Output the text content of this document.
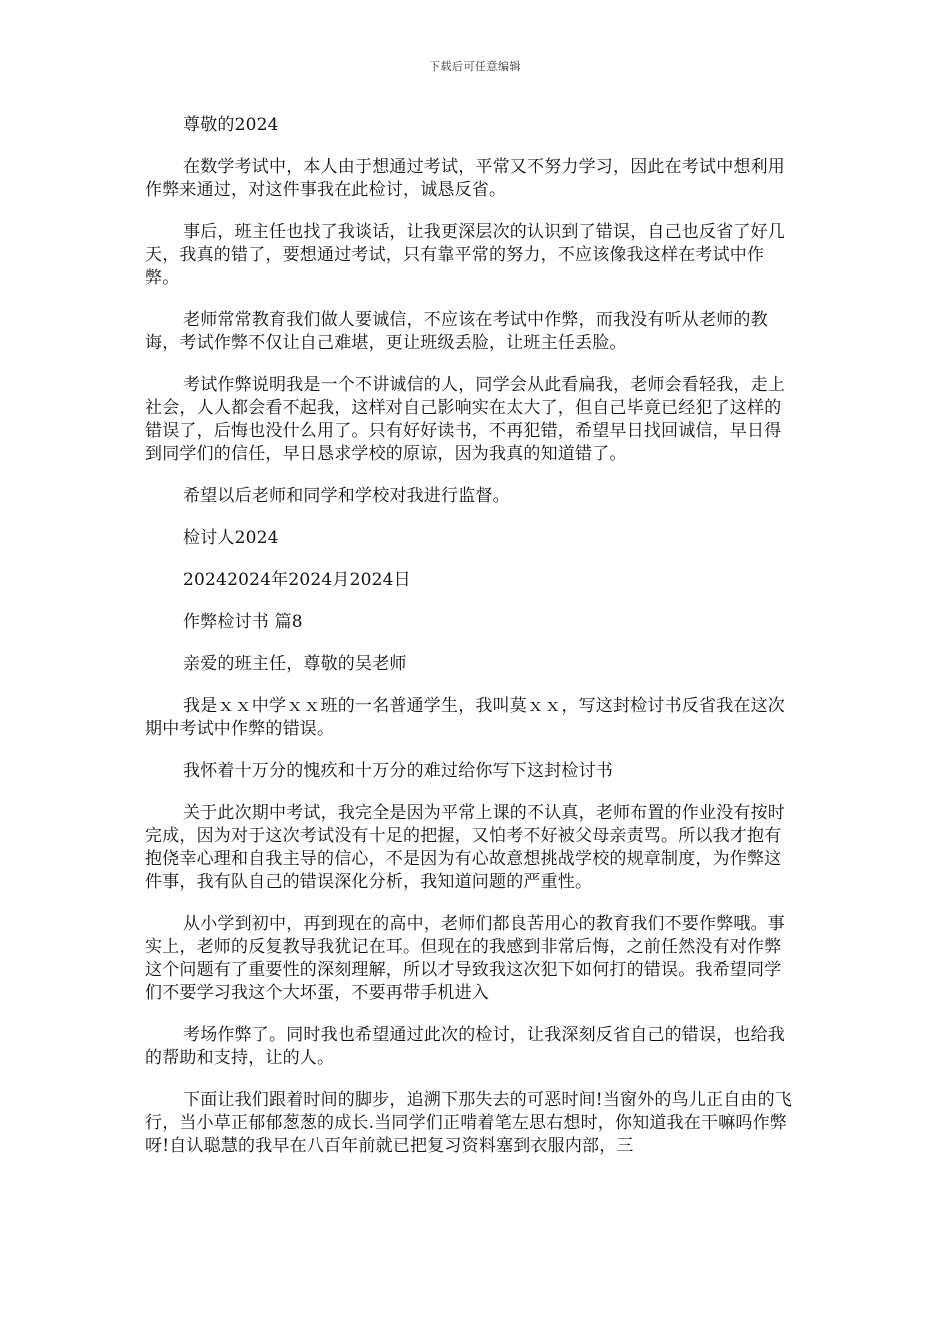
下载后可任意编辑

尊敬的2024

在数学考试中，本人由于想通过考试，平常又不努力学习，因此在考试中想利用作弊来通过，对这件事我在此检讨，诚恳反省。

事后，班主任也找了我谈话，让我更深层次的认识到了错误，自己也反省了好几天，我真的错了，要想通过考试，只有靠平常的努力，不应该像我这样在考试中作弊。

老师常常教育我们做人要诚信，不应该在考试中作弊，而我没有听从老师的教诲，考试作弊不仅让自己难堪，更让班级丢脸，让班主任丢脸。

考试作弊说明我是一个不讲诚信的人，同学会从此看扁我，老师会看轻我，走上社会，人人都会看不起我，这样对自己影响实在太大了，但自己毕竟已经犯了这样的错误了，后悔也没什么用了。只有好好读书，不再犯错，希望早日找回诚信，早日得到同学们的信任，早日恳求学校的原谅，因为我真的知道错了。

希望以后老师和同学和学校对我进行监督。

检讨人2024

20242024年2024月2024日

作弊检讨书 篇8

亲爱的班主任，尊敬的吴老师

我是ｘｘ中学ｘｘ班的一名普通学生，我叫莫ｘｘ，写这封检讨书反省我在这次期中考试中作弊的错误。

我怀着十万分的愧疚和十万分的难过给你写下这封检讨书

关于此次期中考试，我完全是因为平常上课的不认真，老师布置的作业没有按时完成，因为对于这次考试没有十足的把握，又怕考不好被父母亲责骂。所以我才抱有抱侥幸心理和自我主导的信心，不是因为有心故意想挑战学校的规章制度，为作弊这件事，我有队自己的错误深化分析，我知道问题的严重性。

从小学到初中，再到现在的高中，老师们都良苦用心的教育我们不要作弊哦。事实上，老师的反复教导我犹记在耳。但现在的我感到非常后悔，之前任然没有对作弊这个问题有了重要性的深刻理解，所以才导致我这次犯下如何打的错误。我希望同学们不要学习我这个大坏蛋，不要再带手机进入

考场作弊了。同时我也希望通过此次的检讨，让我深刻反省自己的错误，也给我的帮助和支持，让的人。

下面让我们跟着时间的脚步，追溯下那失去的可恶时间!当窗外的鸟儿正自由的飞行，当小草正郁郁葱葱的成长.当同学们正啃着笔左思右想时，你知道我在干嘛吗作弊呀!自认聪慧的我早在八百年前就已把复习资料塞到衣服内部，三
